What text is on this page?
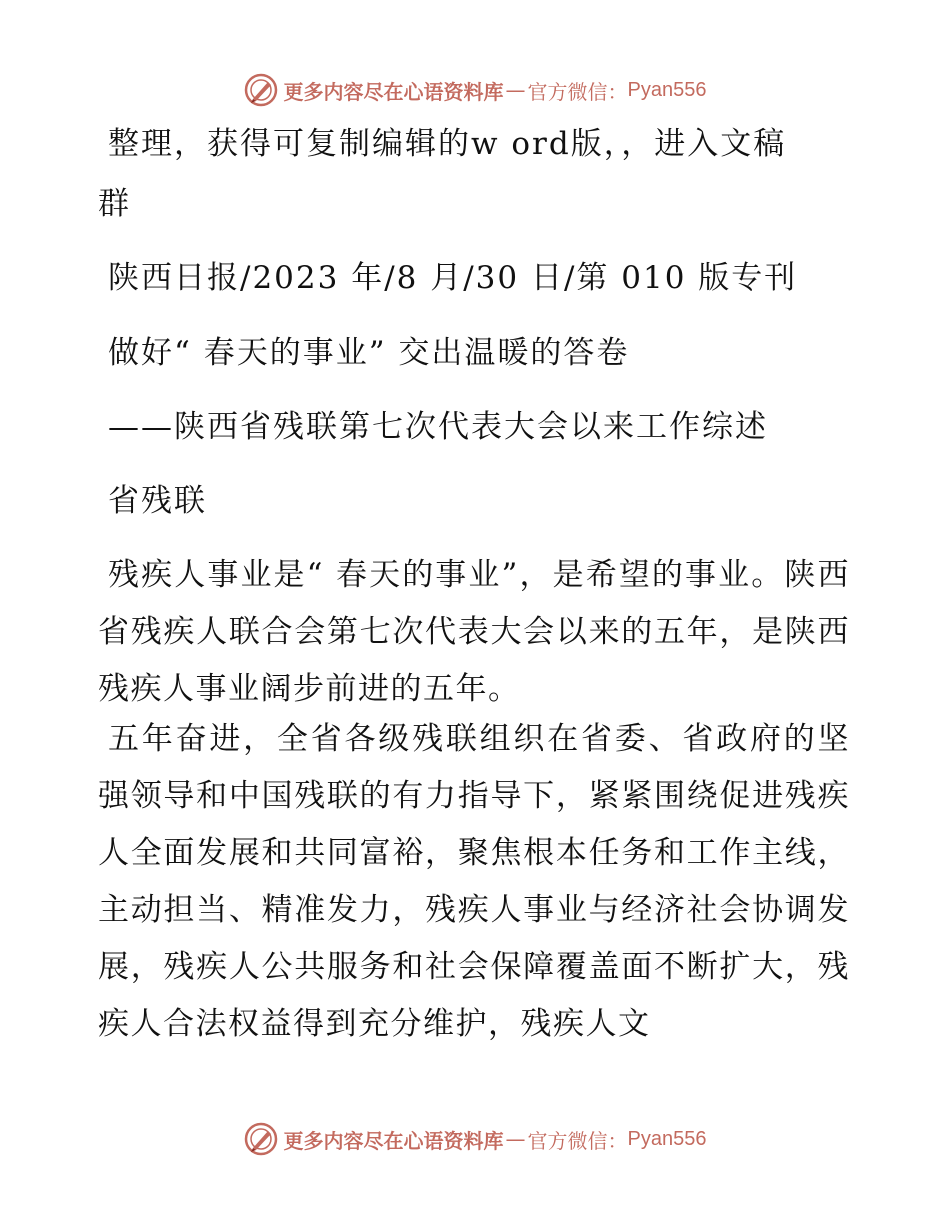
更多内容尽在心语资料库 — 官方微信： Pyan556
整理，获得可复制编辑的w ord版，，进入文稿
群
陕西日报/2023 年/8 月/30 日/第 010 版专刊
做好“ 春天的事业” 交出温暖的答卷
——陕西省残联第七次代表大会以来工作综述
省残联
残疾人事业是“ 春天的事业”，是希望的事业。陕西省残疾人联合会第七次代表大会以来的五年，是陕西残疾人事业阔步前进的五年。
五年奋进，全省各级残联组织在省委、省政府的坚强领导和中国残联的有力指导下，紧紧围绕促进残疾人全面发展和共同富裕，聚焦根本任务和工作主线，主动担当、精准发力，残疾人事业与经济社会协调发展，残疾人公共服务和社会保障覆盖面不断扩大，残疾人合法权益得到充分维护，残疾人文
更多内容尽在心语资料库 — 官方微信： Pyan556
